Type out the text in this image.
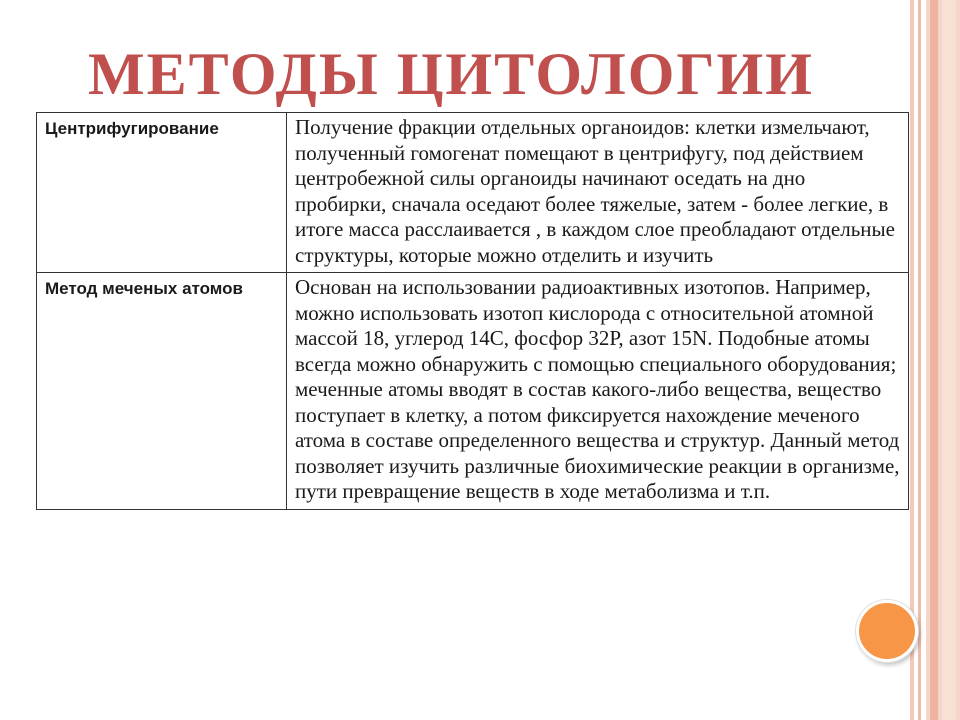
МЕТОДЫ ЦИТОЛОГИИ
Центрифугирование	Получение фракции отдельных органоидов: клетки измельчают, полученный гомогенат помещают в центрифугу, под действием центробежной силы органоиды начинают оседать на дно пробирки, сначала оседают более тяжелые, затем - более легкие, в итоге масса расслаивается , в каждом слое преобладают отдельные структуры, которые можно отделить и изучить
Метод меченых атомов	Основан на использовании радиоактивных изотопов. Например, можно использовать изотоп кислорода с относительной атомной массой 18, углерод 14С, фосфор 32Р, азот 15N. Подобные атомы всегда можно обнаружить с помощью специального оборудования; меченные атомы вводят в состав какого-либо вещества, вещество поступает в клетку, а потом фиксируется нахождение меченого атома в составе определенного вещества и структур. Данный метод позволяет изучить различные биохимические реакции в организме, пути превращение веществ в ходе метаболизма и т.п.
